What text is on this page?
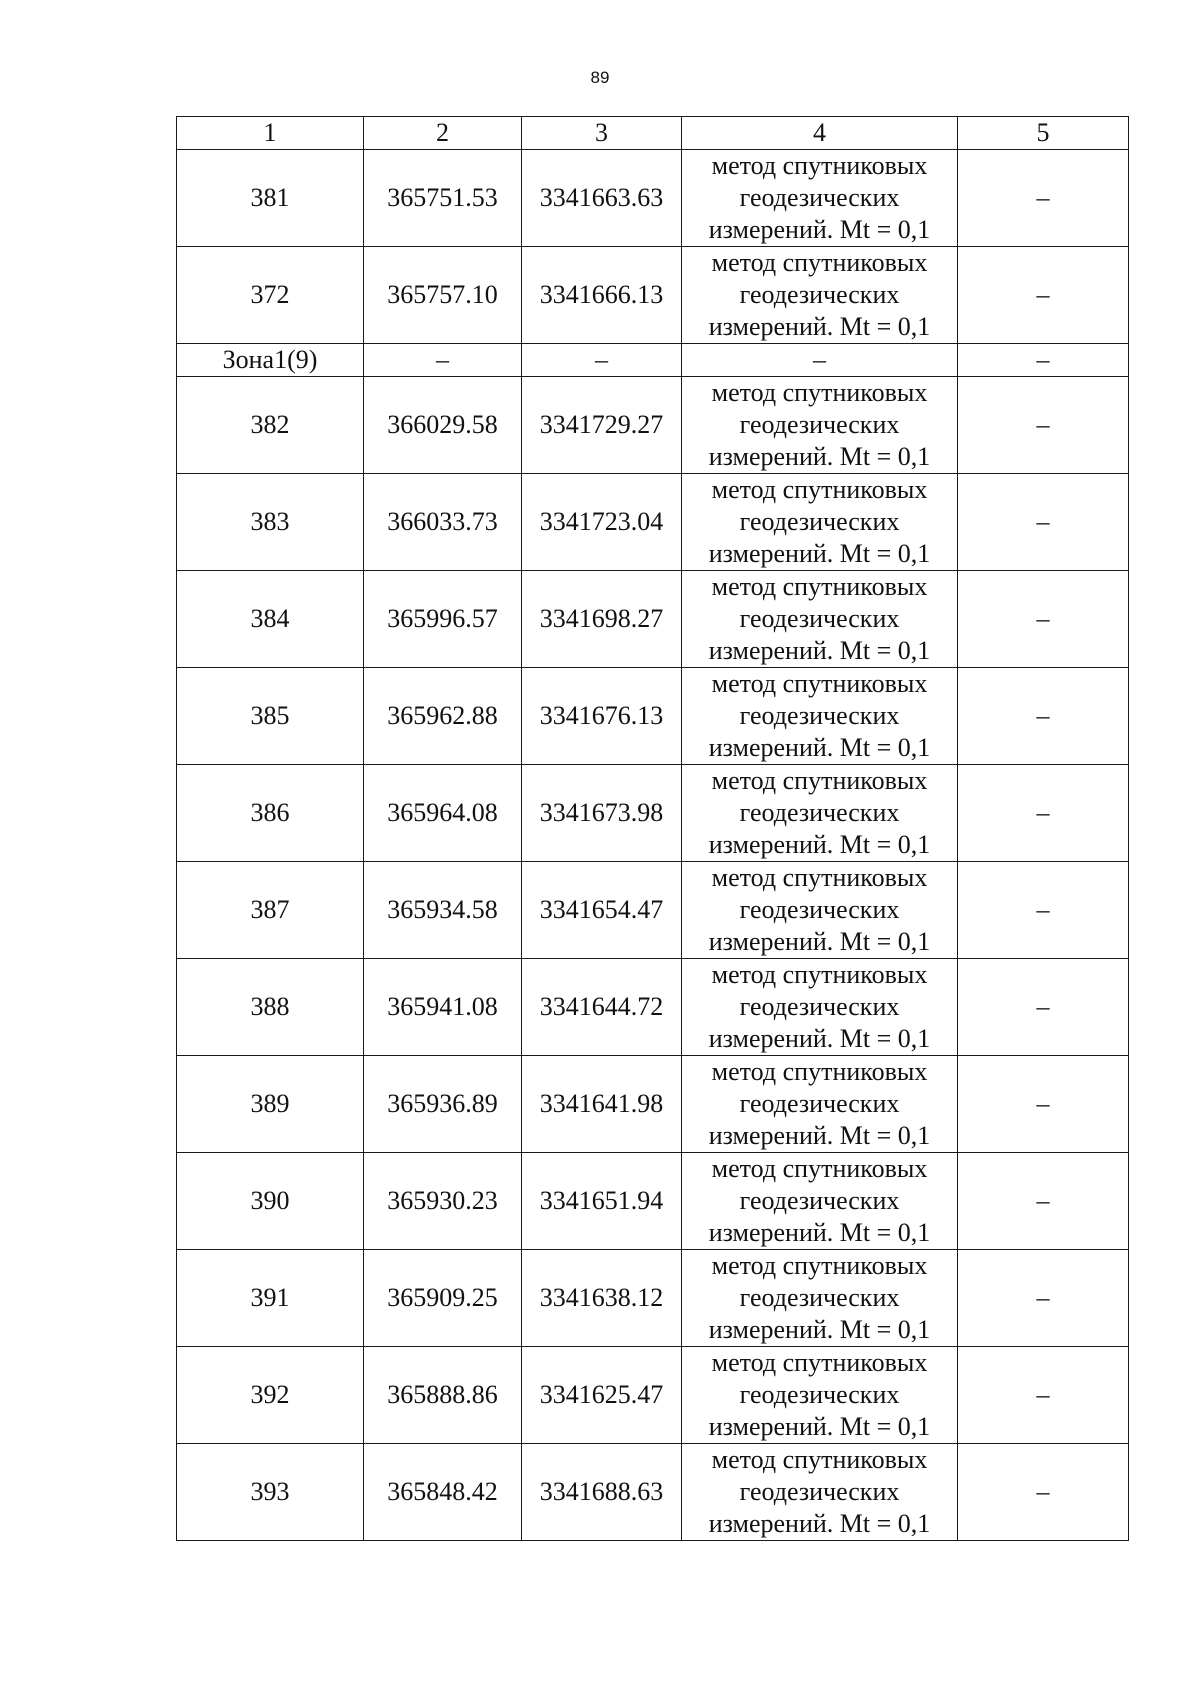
89
1	2	3	4	5
381	365751.53	3341663.63	метод спутниковых
геодезических
измерений. Mt = 0,1	–
372	365757.10	3341666.13	метод спутниковых
геодезических
измерений. Mt = 0,1	–
Зона1(9)	–	–	–	–
382	366029.58	3341729.27	метод спутниковых
геодезических
измерений. Mt = 0,1	–
383	366033.73	3341723.04	метод спутниковых
геодезических
измерений. Mt = 0,1	–
384	365996.57	3341698.27	метод спутниковых
геодезических
измерений. Mt = 0,1	–
385	365962.88	3341676.13	метод спутниковых
геодезических
измерений. Mt = 0,1	–
386	365964.08	3341673.98	метод спутниковых
геодезических
измерений. Mt = 0,1	–
387	365934.58	3341654.47	метод спутниковых
геодезических
измерений. Mt = 0,1	–
388	365941.08	3341644.72	метод спутниковых
геодезических
измерений. Mt = 0,1	–
389	365936.89	3341641.98	метод спутниковых
геодезических
измерений. Mt = 0,1	–
390	365930.23	3341651.94	метод спутниковых
геодезических
измерений. Mt = 0,1	–
391	365909.25	3341638.12	метод спутниковых
геодезических
измерений. Mt = 0,1	–
392	365888.86	3341625.47	метод спутниковых
геодезических
измерений. Mt = 0,1	–
393	365848.42	3341688.63	метод спутниковых
геодезических
измерений. Mt = 0,1	–
